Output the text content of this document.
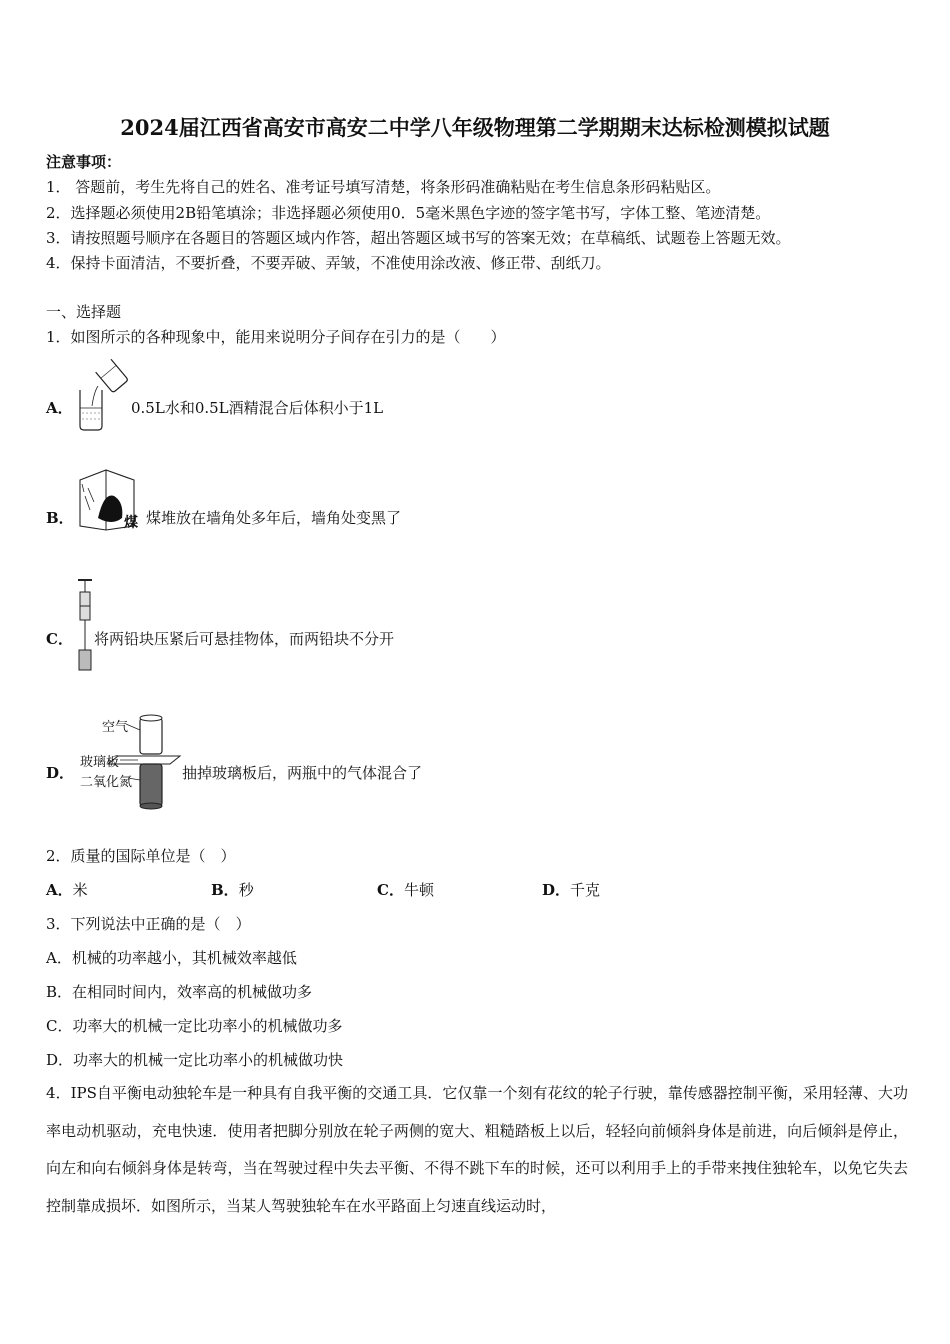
2024届江西省高安市高安二中学八年级物理第二学期期末达标检测模拟试题
注意事项：
1． 答题前，考生先将自己的姓名、准考证号填写清楚，将条形码准确粘贴在考生信息条形码粘贴区。
2．选择题必须使用2B铅笔填涂；非选择题必须使用0．5毫米黑色字迹的签字笔书写，字体工整、笔迹清楚。
3．请按照题号顺序在各题目的答题区域内作答，超出答题区域书写的答案无效；在草稿纸、试题卷上答题无效。
4．保持卡面清洁，不要折叠，不要弄破、弄皱，不准使用涂改液、修正带、刮纸刀。
一、选择题
1．如图所示的各种现象中，能用来说明分子间存在引力的是（　　）
A．	0.5L水和0.5L酒精混合后体积小于1L
B．	煤 煤堆放在墙角处多年后，墙角处变黑了
C． 将两铅块压紧后可悬挂物体，而两铅块不分开
D．
空气
玻璃板
二氧化氮
抽掉玻璃板后，两瓶中的气体混合了
2．质量的国际单位是（　）
A．米	B．秒	C．牛顿	D．千克
3．下列说法中正确的是（　）
A．机械的功率越小，其机械效率越低
B．在相同时间内，效率高的机械做功多
C．功率大的机械一定比功率小的机械做功多
D．功率大的机械一定比功率小的机械做功快
4．IPS自平衡电动独轮车是一种具有自我平衡的交通工具．它仅靠一个刻有花纹的轮子行驶，靠传感器控制平衡，采用轻薄、大功率电动机驱动，充电快速．使用者把脚分别放在轮子两侧的宽大、粗糙踏板上以后，轻轻向前倾斜身体是前进，向后倾斜是停止，向左和向右倾斜身体是转弯，当在驾驶过程中失去平衡、不得不跳下车的时候，还可以利用手上的手带来拽住独轮车，以免它失去控制靠成损坏．如图所示，当某人驾驶独轮车在水平路面上匀速直线运动时，
